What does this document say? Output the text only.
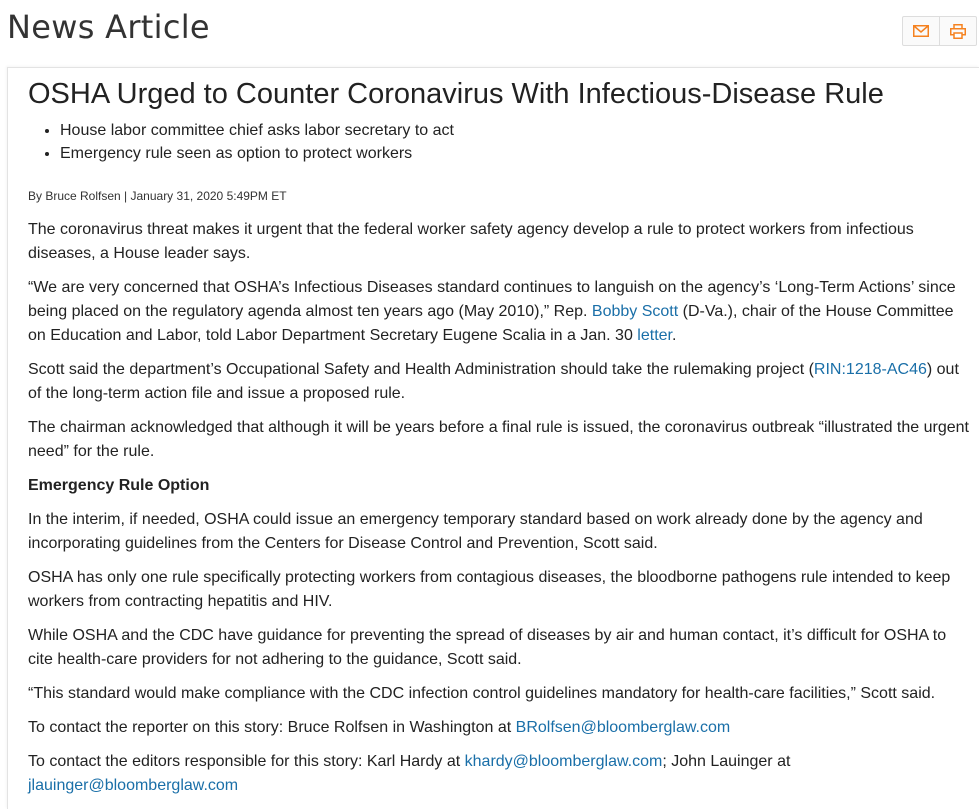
News Article
OSHA Urged to Counter Coronavirus With Infectious-Disease Rule
• House labor committee chief asks labor secretary to act
• Emergency rule seen as option to protect workers
By Bruce Rolfsen | January 31, 2020 5:49PM ET

The coronavirus threat makes it urgent that the federal worker safety agency develop a rule to protect workers from infectious diseases, a House leader says.

“We are very concerned that OSHA’s Infectious Diseases standard continues to languish on the agency’s ‘Long-Term Actions’ since being placed on the regulatory agenda almost ten years ago (May 2010),” Rep. Bobby Scott (D-Va.), chair of the House Committee on Education and Labor, told Labor Department Secretary Eugene Scalia in a Jan. 30 letter.

Scott said the department’s Occupational Safety and Health Administration should take the rulemaking project (RIN:1218-AC46) out of the long-term action file and issue a proposed rule.

The chairman acknowledged that although it will be years before a final rule is issued, the coronavirus outbreak “illustrated the urgent need” for the rule.

Emergency Rule Option

In the interim, if needed, OSHA could issue an emergency temporary standard based on work already done by the agency and incorporating guidelines from the Centers for Disease Control and Prevention, Scott said.

OSHA has only one rule specifically protecting workers from contagious diseases, the bloodborne pathogens rule intended to keep workers from contracting hepatitis and HIV.

While OSHA and the CDC have guidance for preventing the spread of diseases by air and human contact, it’s difficult for OSHA to cite health-care providers for not adhering to the guidance, Scott said.

“This standard would make compliance with the CDC infection control guidelines mandatory for health-care facilities,” Scott said.

To contact the reporter on this story: Bruce Rolfsen in Washington at BRolfsen@bloomberglaw.com

To contact the editors responsible for this story: Karl Hardy at khardy@bloomberglaw.com; John Lauinger at jlauinger@bloomberglaw.com
